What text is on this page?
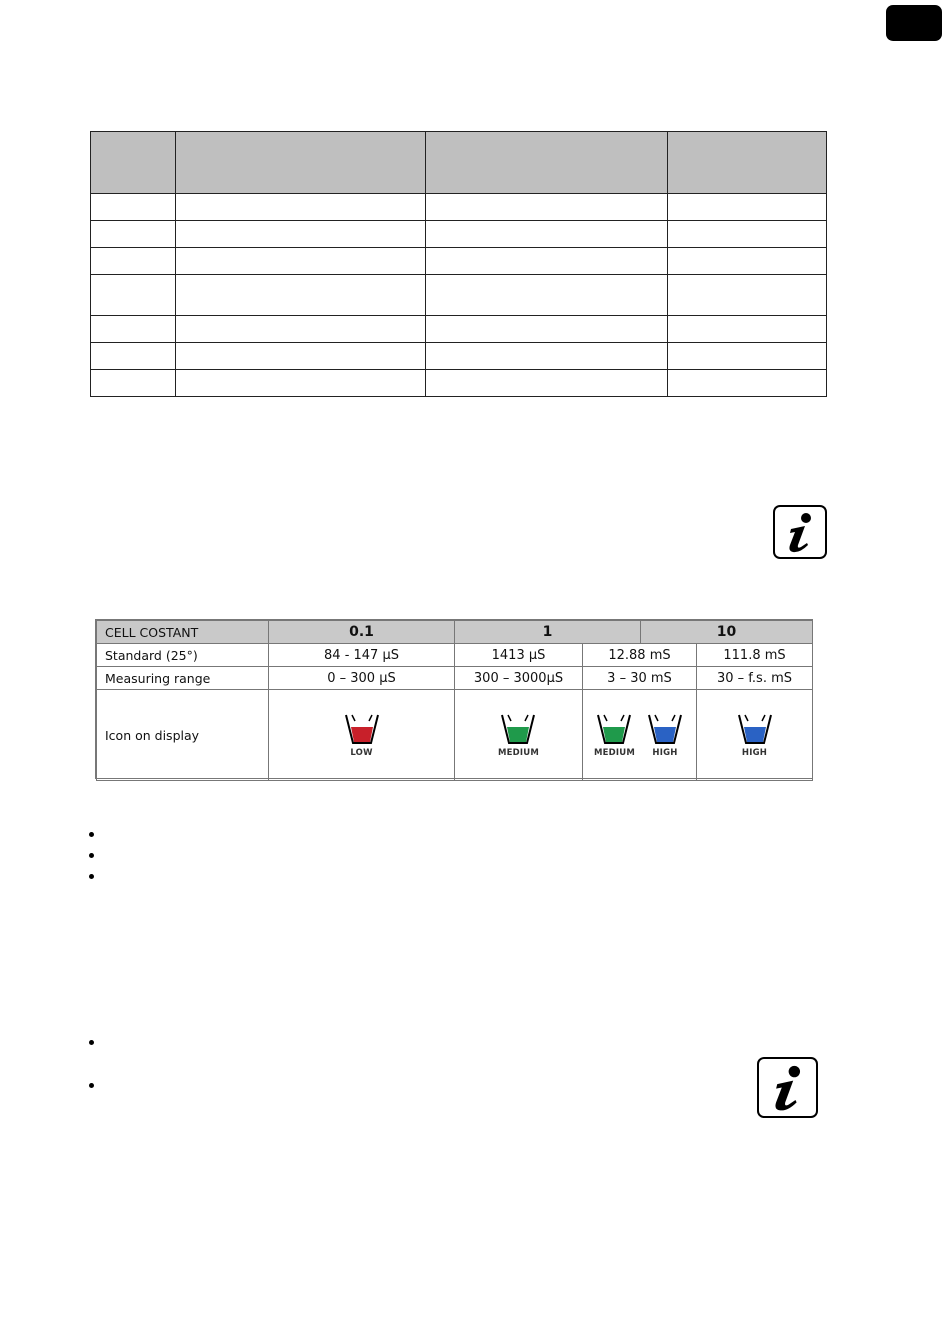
CELL COSTANT	0.1	1		10	
Standard (25°)	84 - 147 µS	1413 µS	12.88 mS		111.8 mS
Measuring range	0 – 300 µS	300 – 3000µS	3 – 30 mS		30 – f.s. mS
Icon on display	LOW	MEDIUM	MEDIUM HIGH		HIGH
